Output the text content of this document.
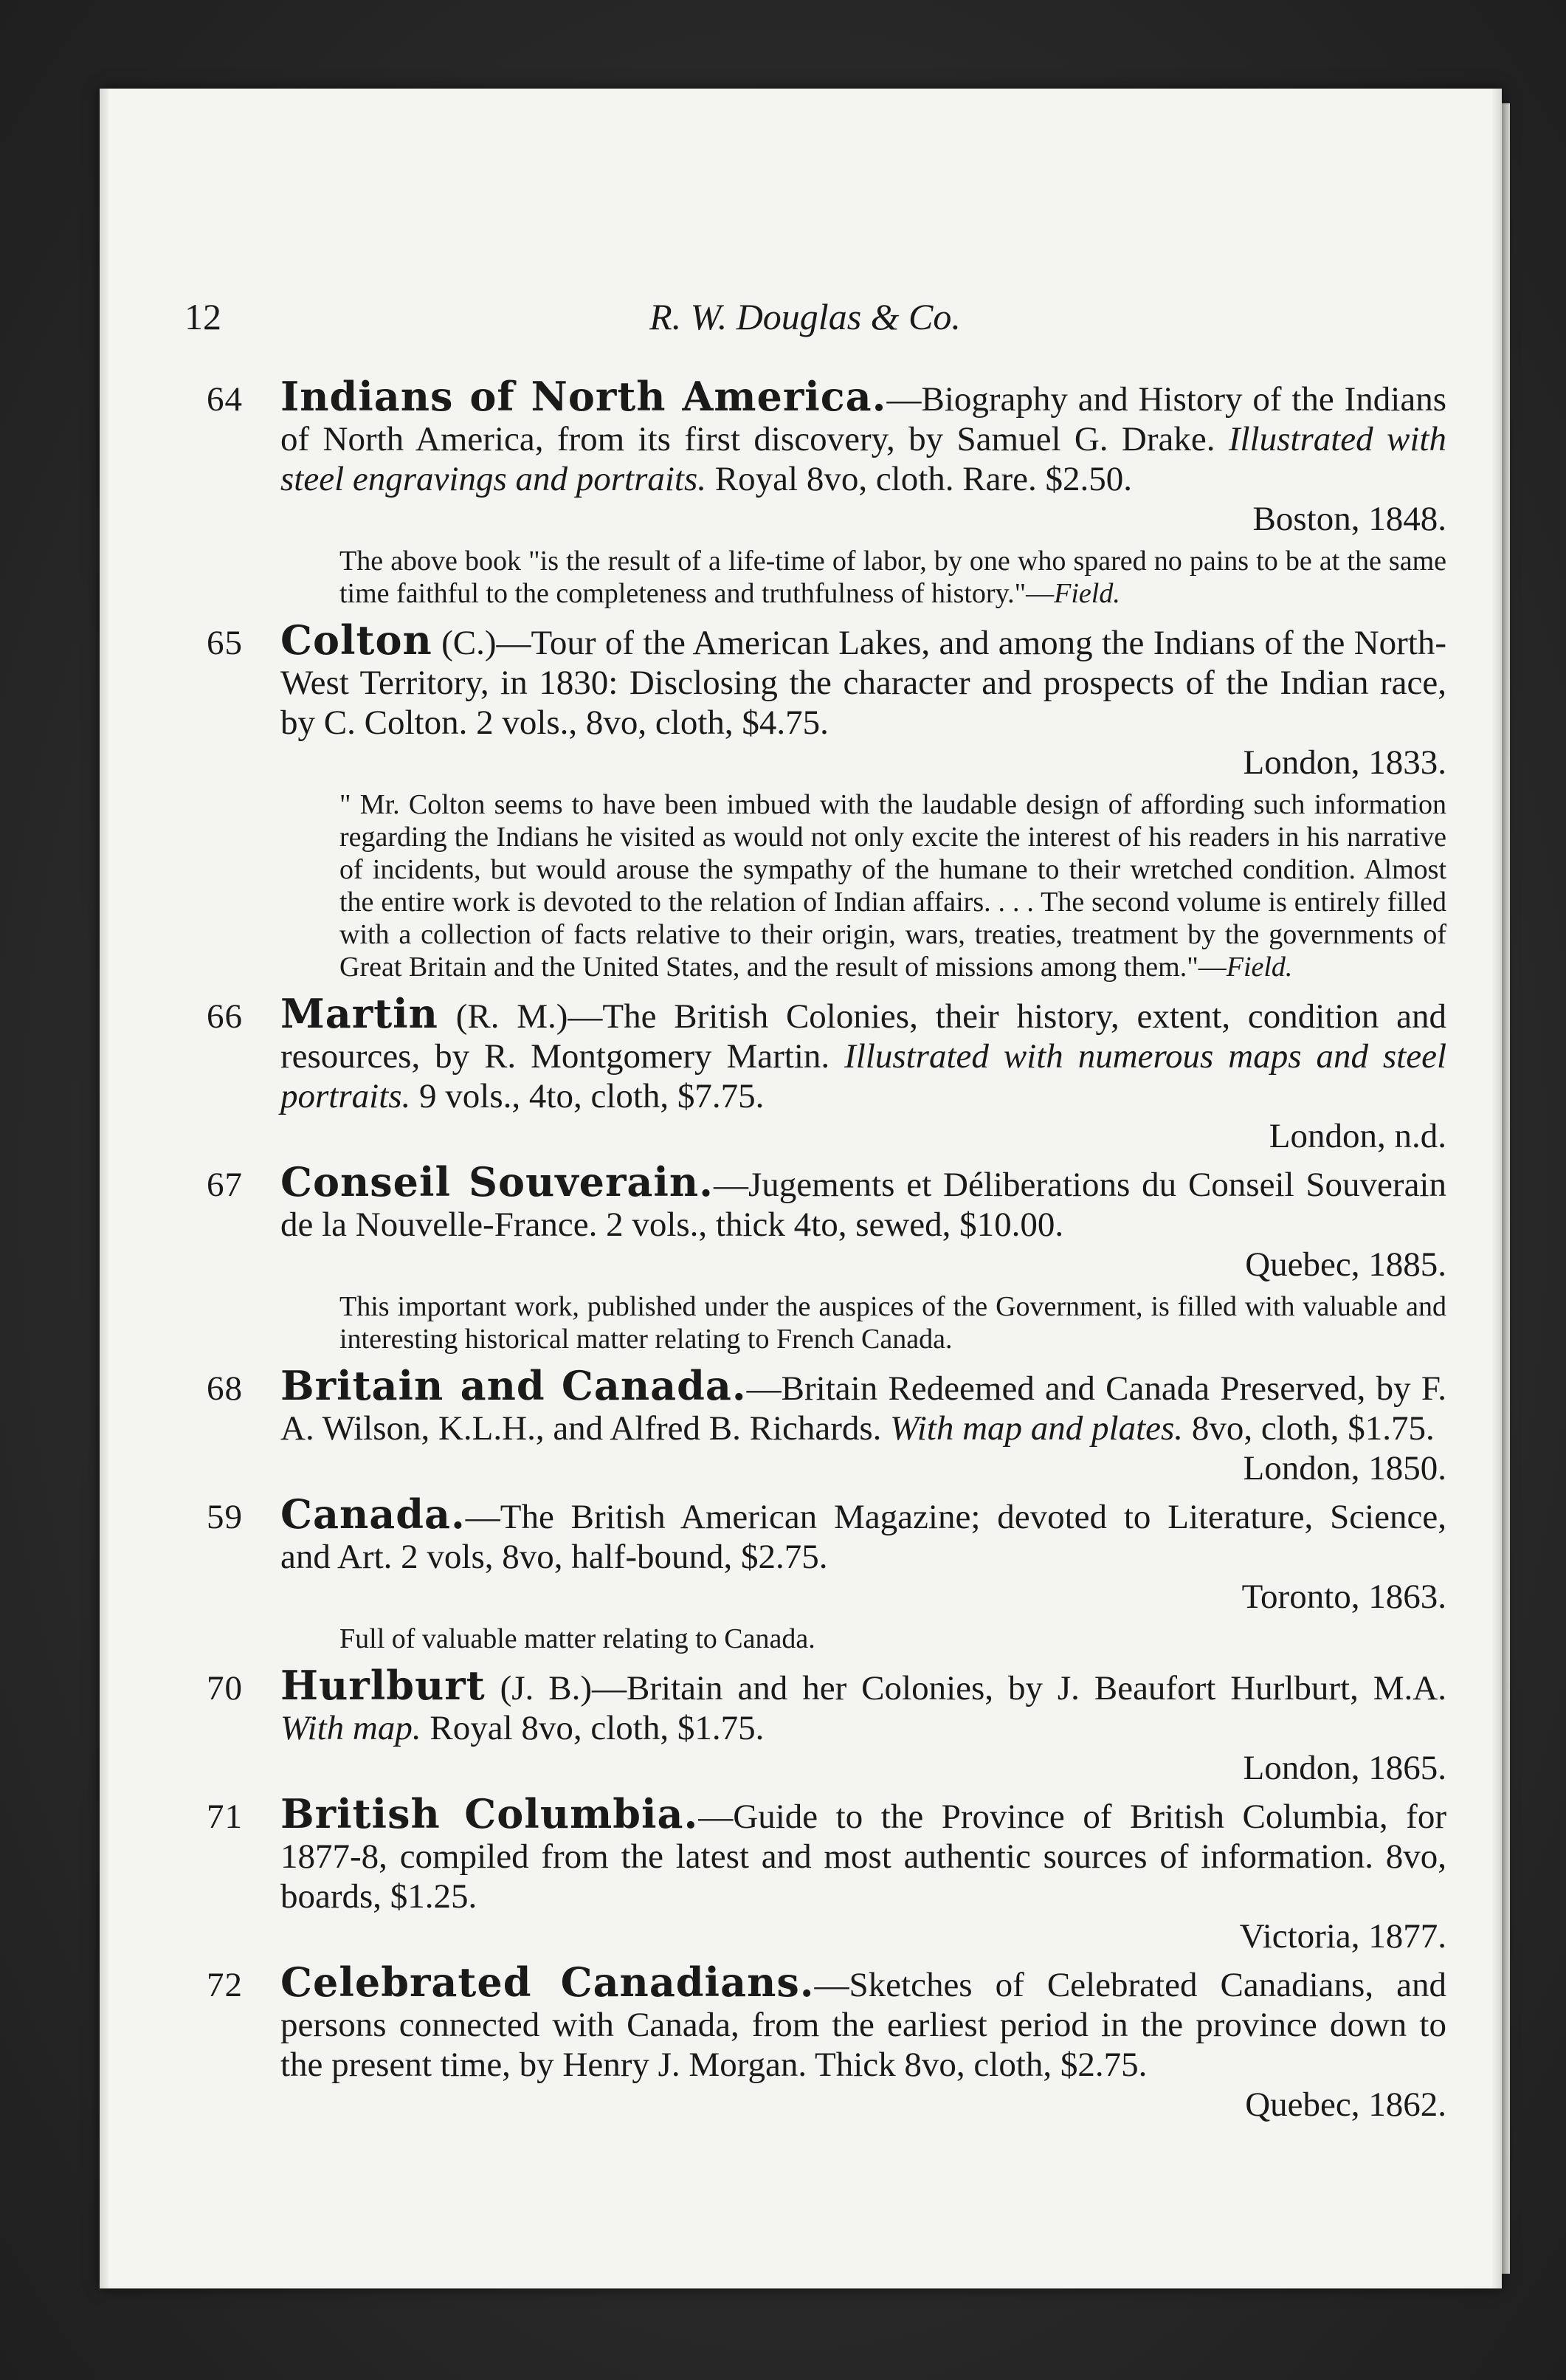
12	R. W. Douglas & Co.
64 Indians of North America.—Biography and History of the Indians of North America, from its first discovery, by Samuel G. Drake. Illustrated with steel engravings and portraits. Royal 8vo, cloth. Rare. $2.50.
Boston, 1848.
The above book "is the result of a life-time of labor, by one who spared no pains to be at the same time faithful to the completeness and truthfulness of history."—Field.
65 Colton (C.)—Tour of the American Lakes, and among the Indians of the North-West Territory, in 1830: Disclosing the character and prospects of the Indian race, by C. Colton. 2 vols., 8vo, cloth, $4.75.
London, 1833.
" Mr. Colton seems to have been imbued with the laudable design of affording such information regarding the Indians he visited as would not only excite the interest of his readers in his narrative of incidents, but would arouse the sympathy of the humane to their wretched condition. Almost the entire work is devoted to the relation of Indian affairs. . . . The second volume is entirely filled with a collection of facts relative to their origin, wars, treaties, treatment by the governments of Great Britain and the United States, and the result of missions among them."—Field.
66 Martin (R. M.)—The British Colonies, their history, extent, condition and resources, by R. Montgomery Martin. Illustrated with numerous maps and steel portraits. 9 vols., 4to, cloth, $7.75.
London, n.d.
67 Conseil Souverain.—Jugements et Déliberations du Conseil Souverain de la Nouvelle-France. 2 vols., thick 4to, sewed, $10.00.
Quebec, 1885.
This important work, published under the auspices of the Government, is filled with valuable and interesting historical matter relating to French Canada.
68 Britain and Canada.—Britain Redeemed and Canada Preserved, by F. A. Wilson, K.L.H., and Alfred B. Richards. With map and plates. 8vo, cloth, $1.75.
London, 1850.
59 Canada.—The British American Magazine; devoted to Literature, Science, and Art. 2 vols, 8vo, half-bound, $2.75.
Toronto, 1863.
Full of valuable matter relating to Canada.
70 Hurlburt (J. B.)—Britain and her Colonies, by J. Beaufort Hurlburt, M.A. With map. Royal 8vo, cloth, $1.75.
London, 1865.
71 British Columbia.—Guide to the Province of British Columbia, for 1877-8, compiled from the latest and most authentic sources of information. 8vo, boards, $1.25.
Victoria, 1877.
72 Celebrated Canadians.—Sketches of Celebrated Canadians, and persons connected with Canada, from the earliest period in the province down to the present time, by Henry J. Morgan. Thick 8vo, cloth, $2.75.
Quebec, 1862.
